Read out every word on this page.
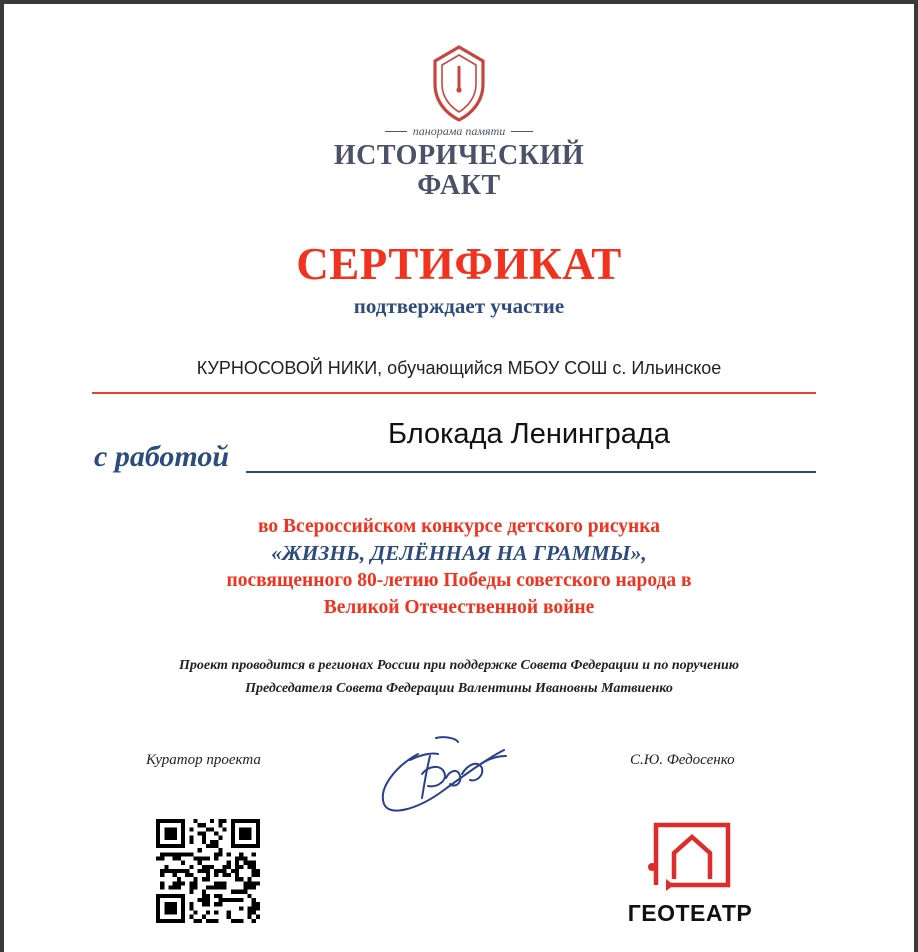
панорама памяти
ИСТОРИЧЕСКИЙ
ФАКТ
СЕРТИФИКАТ
подтверждает участие
КУРНОСОВОЙ НИКИ, обучающийся МБОУ СОШ с. Ильинское
с работой
Блокада Ленинграда
во Всероссийском конкурсе детского рисунка
«ЖИЗНЬ, ДЕЛЁННАЯ НА ГРАММЫ»,
посвященного 80-летию Победы советского народа в
Великой Отечественной войне
Проект проводится в регионах России при поддержке Совета Федерации и по поручению
Председателя Совета Федерации Валентины Ивановны Матвиенко
Куратор проекта	С.Ю. Федосенко
ГЕОТЕАТР
